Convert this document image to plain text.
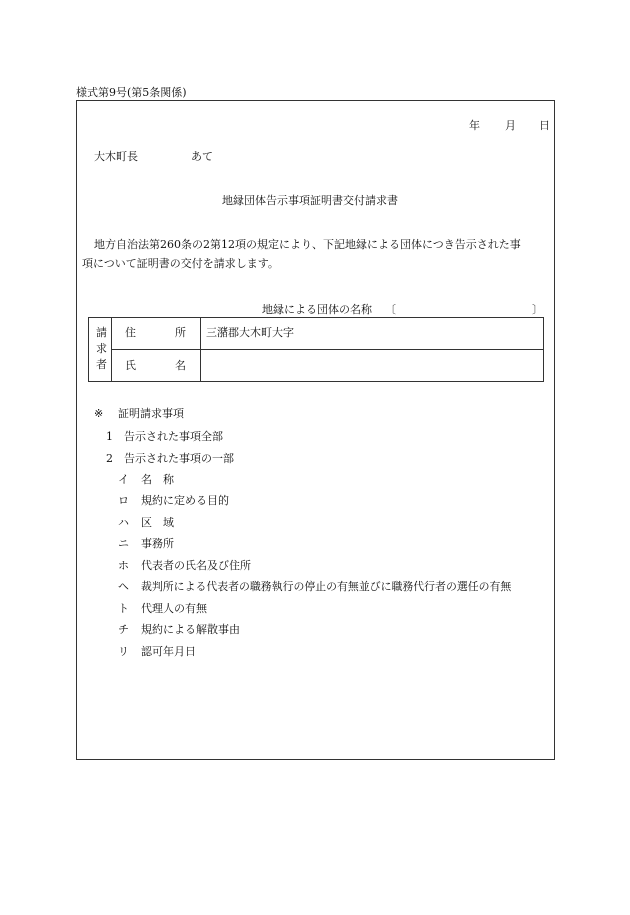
様式第9号(第5条関係)
年 月 日
大木町長	あて
地縁団体告示事項証明書交付請求書
地方自治法第260条の2第12項の規定により、下記地縁による団体につき告示された事
項について証明書の交付を請求します。
地縁による団体の名称 〔	〕
請
求
者
住	所 三潴郡大木町大字
氏	名
※ 証明請求事項
1 告示された事項全部
2 告示された事項の一部
イ 名　称
ロ 規約に定める目的
ハ 区　域
ニ 事務所
ホ 代表者の氏名及び住所
ヘ 裁判所による代表者の職務執行の停止の有無並びに職務代行者の選任の有無
ト 代理人の有無
チ 規約による解散事由
リ 認可年月日
